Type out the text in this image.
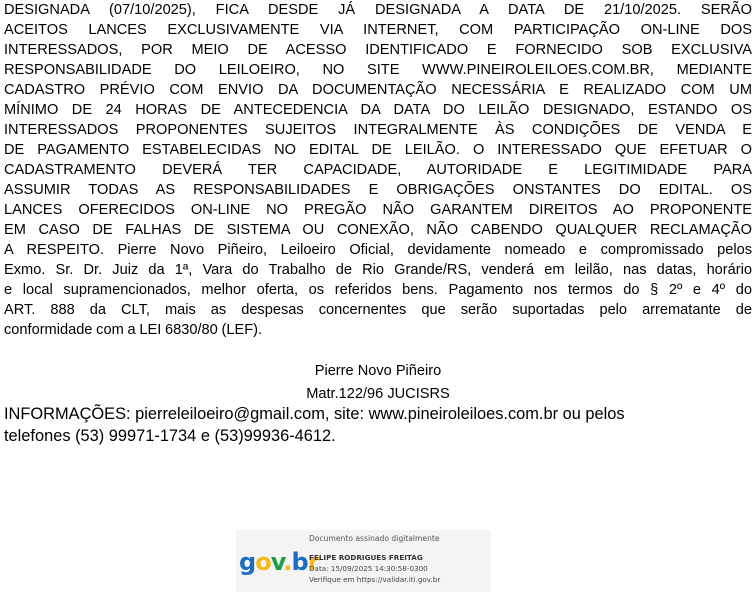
DESIGNADA (07/10/2025), FICA DESDE JÁ DESIGNADA A DATA DE 21/10/2025. SERÃO
ACEITOS LANCES EXCLUSIVAMENTE VIA INTERNET, COM PARTICIPAÇÃO ON-LINE DOS
INTERESSADOS, POR MEIO DE ACESSO IDENTIFICADO E FORNECIDO SOB EXCLUSIVA
RESPONSABILIDADE DO LEILOEIRO, NO SITE WWW.PINEIROLEILOES.COM.BR, MEDIANTE
CADASTRO PRÉVIO COM ENVIO DA DOCUMENTAÇÃO NECESSÁRIA E REALIZADO COM UM
MÍNIMO DE 24 HORAS DE ANTECEDENCIA DA DATA DO LEILÃO DESIGNADO, ESTANDO OS
INTERESSADOS PROPONENTES SUJEITOS INTEGRALMENTE ÀS CONDIÇÕES DE VENDA E
DE PAGAMENTO ESTABELECIDAS NO EDITAL DE LEILÃO. O INTERESSADO QUE EFETUAR O
CADASTRAMENTO DEVERÁ TER CAPACIDADE, AUTORIDADE E LEGITIMIDADE PARA
ASSUMIR TODAS AS RESPONSABILIDADES E OBRIGAÇÕES ONSTANTES DO EDITAL. OS
LANCES OFERECIDOS ON-LINE NO PREGÃO NÃO GARANTEM DIREITOS AO PROPONENTE
EM CASO DE FALHAS DE SISTEMA OU CONEXÃO, NÃO CABENDO QUALQUER RECLAMAÇÃO
A RESPEITO. Pierre Novo Piñeiro, Leiloeiro Oficial, devidamente nomeado e compromissado pelos
Exmo. Sr. Dr. Juiz da 1ª, Vara do Trabalho de Rio Grande/RS, venderá em leilão, nas datas, horário
e local supramencionados, melhor oferta, os referidos bens. Pagamento nos termos do § 2º e 4º do
ART. 888 da CLT, mais as despesas concernentes que serão suportadas pelo arrematante de
conformidade com a LEI 6830/80 (LEF).

Pierre Novo Piñeiro

Matr.122/96 JUCISRS

INFORMAÇÕES: pierreleiloeiro@gmail.com, site: www.pineiroleiloes.com.br ou pelos
telefones (53) 99971-1734 e (53)99936-4612.
gov.br
Documento assinado digitalmente
FELIPE RODRIGUES FREITAG
Data: 15/09/2025 14:30:58-0300
Verifique em https://validar.iti.gov.br
